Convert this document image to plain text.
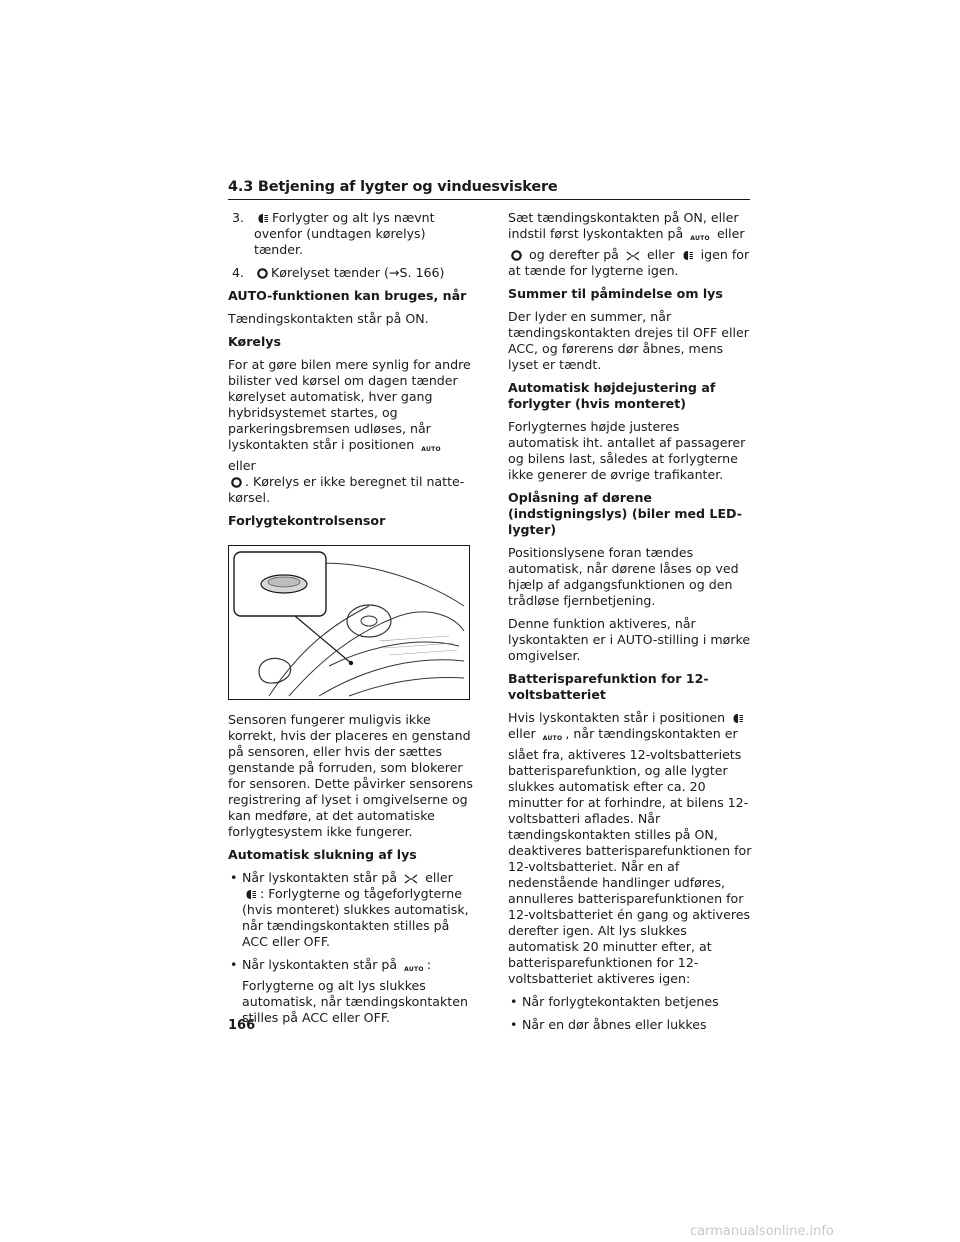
4.3 Betjening af lygter og vinduesviskere
3.	Forlygter og alt lys nævnt ovenfor (undtagen kørelys) tænder.
4.	Kørelyset tænder (→S. 166)
AUTO-funktionen kan bruges, når

Tændingskontakten står på ON.

Kørelys

For at gøre bilen mere synlig for andre bilister ved kørsel om dagen tænder kørelyset automatisk, hver gang hybridsystemet startes, og parkeringsbremsen udløses, når lyskontakten står i positionen AUTO eller

. Kørelys er ikke beregnet til nattekørsel.

Forlygtekontrolsensor

Sensoren fungerer muligvis ikke korrekt, hvis der placeres en genstand på sensoren, eller hvis der sættes genstande på forruden, som blokerer for sensoren. Dette påvirker sensorens registrering af lyset i omgivelserne og kan medføre, at det automatiske forlygtesystem ikke fungerer.

Automatisk slukning af lys
• Når lyskontakten står på eller
: Forlygterne og tågeforlygterne (hvis monteret) slukkes automatisk, når tændingskontakten stilles på ACC eller OFF.
• Når lyskontakten står på AUTO : Forlygterne og alt lys slukkes automatisk, når tændingskontakten stilles på ACC eller OFF.

Sæt tændingskontakten på ON, eller indstil først lyskontakten på AUTO eller

og derefter på eller igen for at tænde for lygterne igen.

Summer til påmindelse om lys

Der lyder en summer, når tændingskontakten drejes til OFF eller ACC, og førerens dør åbnes, mens lyset er tændt.

Automatisk højdejustering af forlygter (hvis monteret)

Forlygternes højde justeres automatisk iht. antallet af passagerer og bilens last, således at forlygterne ikke generer de øvrige trafikanter.

Oplåsning af dørene (indstigningslys) (biler med LED-lygter)

Positionslysene foran tændes automatisk, når dørene låses op ved hjælp af adgangsfunktionen og den trådløse fjernbetjening.

Denne funktion aktiveres, når lyskontakten er i AUTO-stilling i mørke omgivelser.

Batterisparefunktion for 12-voltsbatteriet

Hvis lyskontakten står i positionen

eller AUTO , når tændingskontakten er slået fra, aktiveres 12-voltsbatteriets batterisparefunktion, og alle lygter slukkes automatisk efter ca. 20 minutter for at forhindre, at bilens 12-voltsbatteri aflades. Når tændingskontakten stilles på ON, deaktiveres batterisparefunktionen for 12-voltsbatteriet. Når en af nedenstående handlinger udføres, annulleres batterisparefunktionen for 12-voltsbatteriet én gang og aktiveres derefter igen. Alt lys slukkes automatisk 20 minutter efter, at batterisparefunktionen for 12-voltsbatteriet aktiveres igen:

• Når forlygtekontakten betjenes
• Når en dør åbnes eller lukkes
166
carmanualsonline.info
